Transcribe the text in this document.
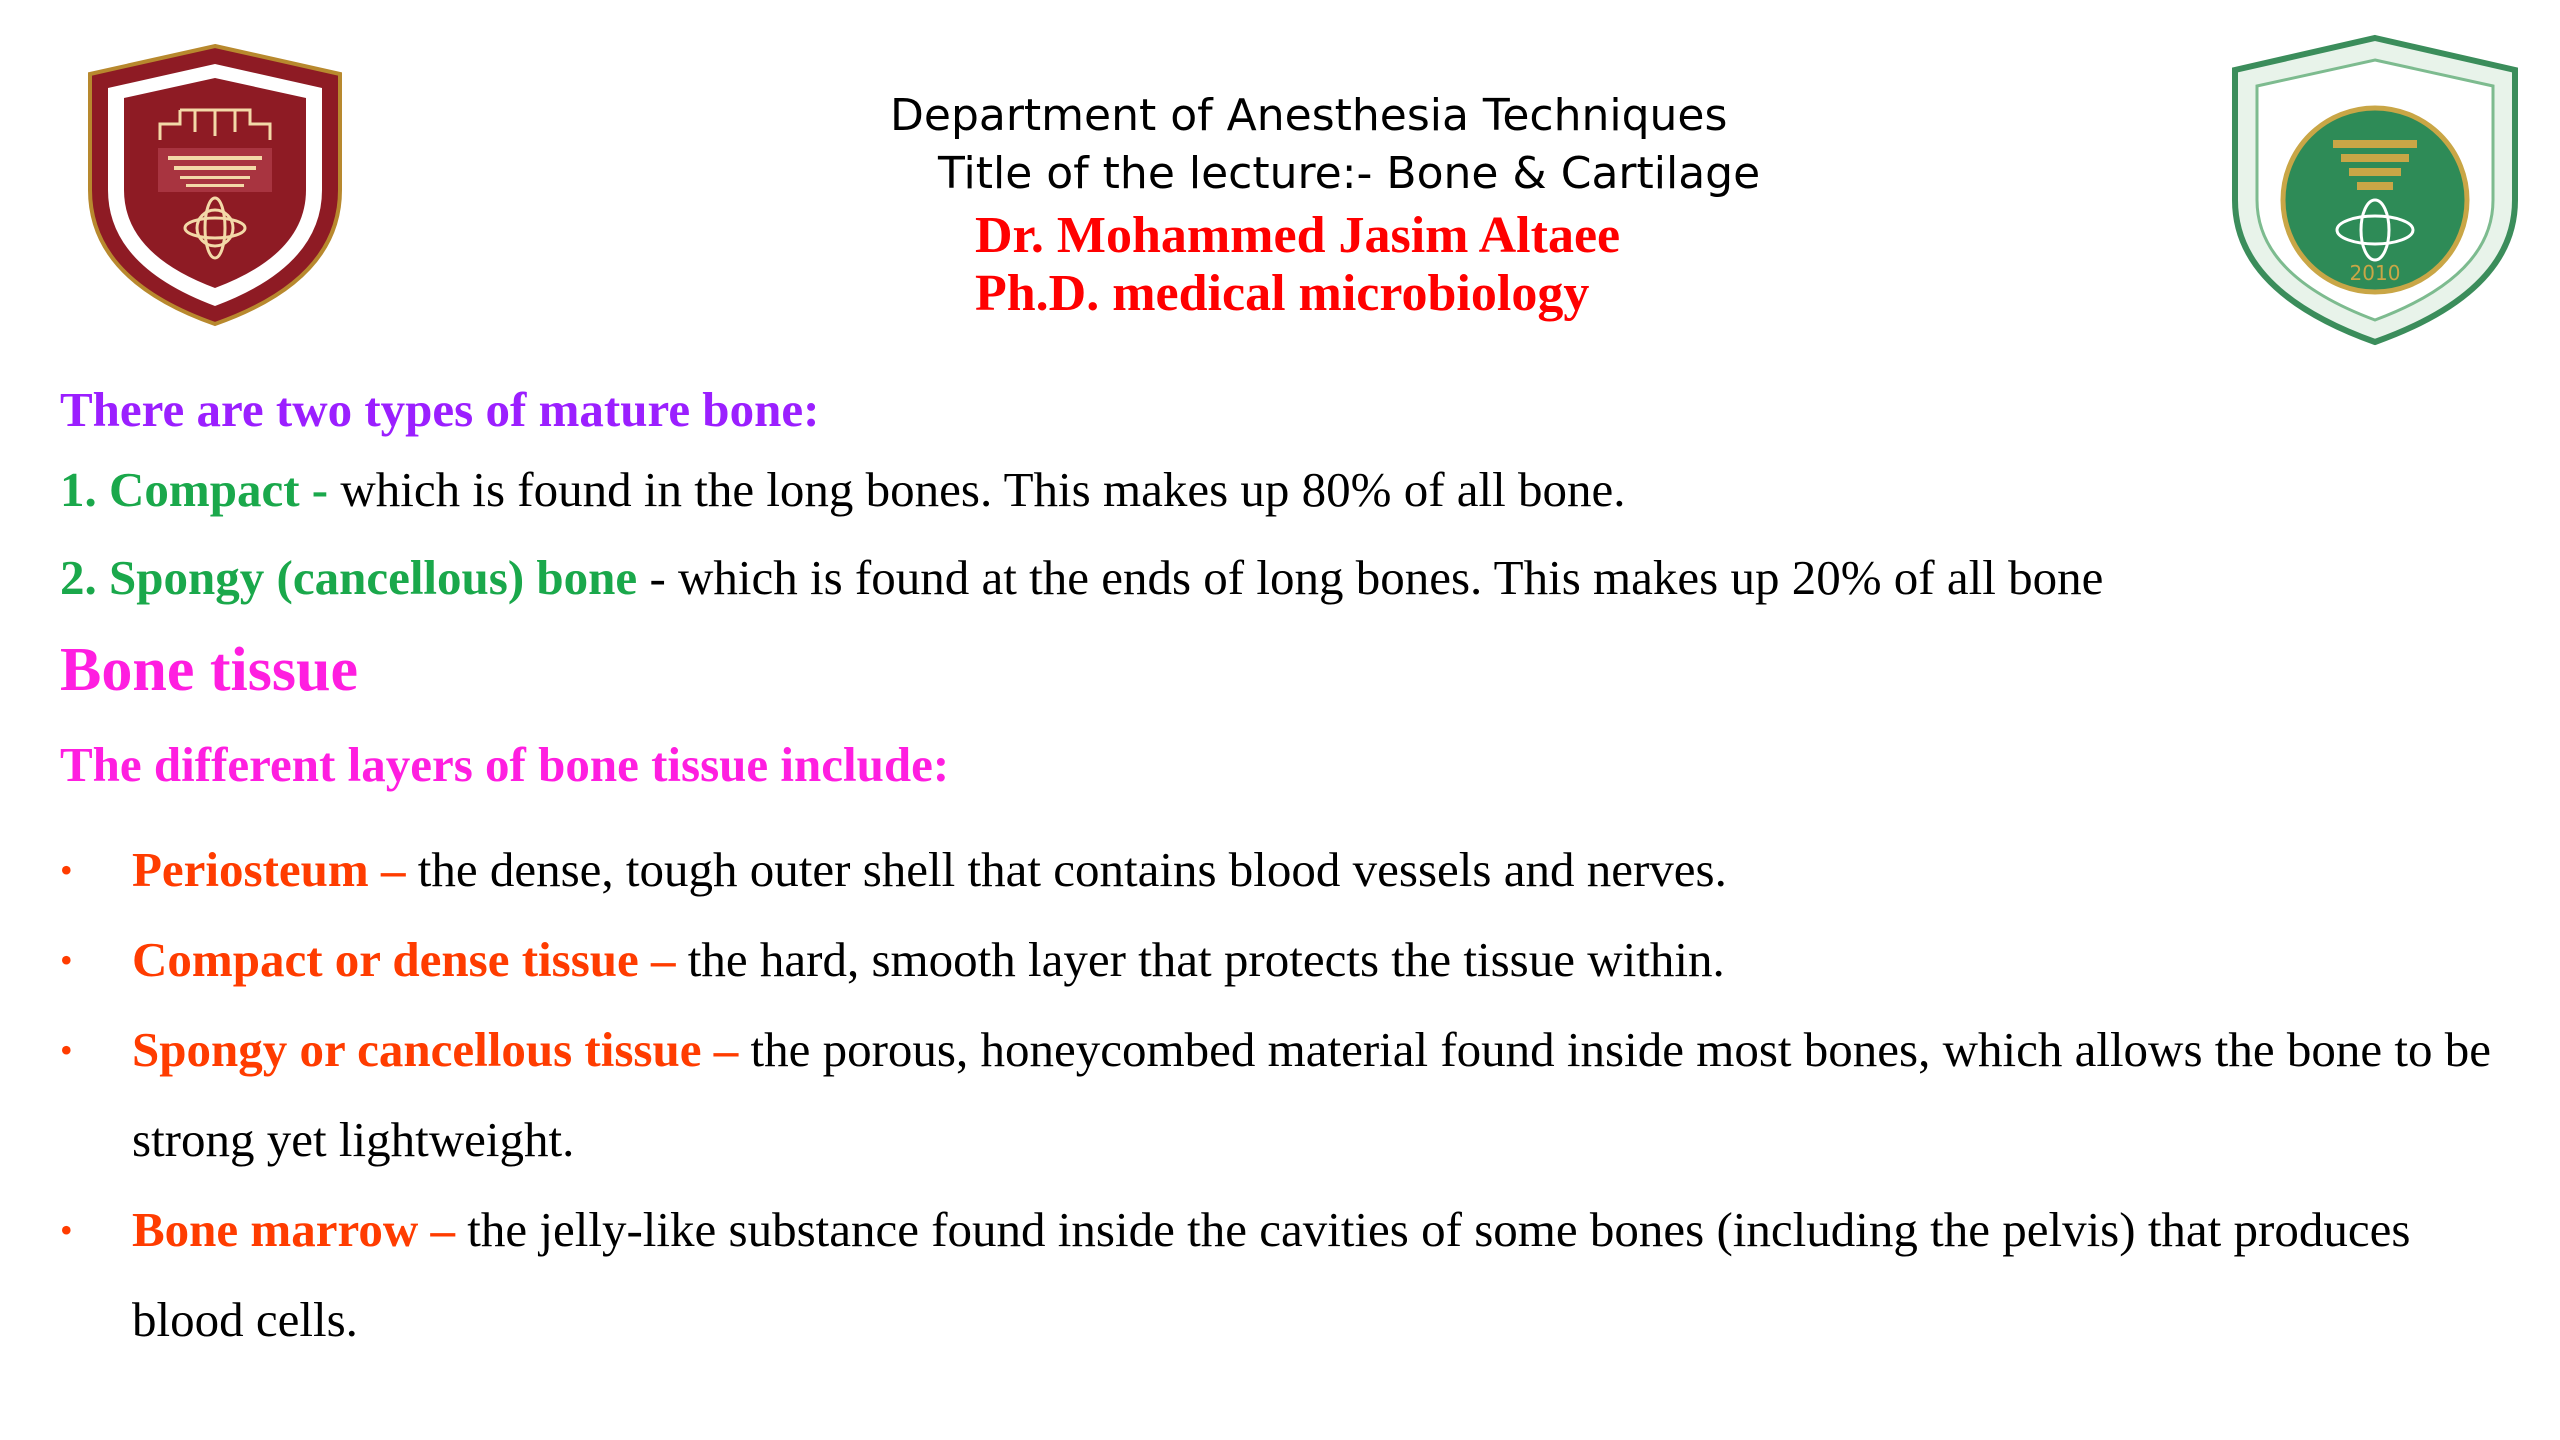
2010
Department of Anesthesia Techniques
Title of the lecture:- Bone & Cartilage
Dr. Mohammed Jasim Altaee
Ph.D. medical microbiology
There are two types of mature bone:
1. Compact - which is found in the long bones. This makes up 80% of all bone.
2. Spongy (cancellous) bone - which is found at the ends of long bones. This makes up 20% of all bone
Bone tissue
The different layers of bone tissue include:
•	Periosteum – the dense, tough outer shell that contains blood vessels and nerves.
•	Compact or dense tissue – the hard, smooth layer that protects the tissue within.
•	Spongy or cancellous tissue – the porous, honeycombed material found inside most bones, which allows the bone to be strong yet lightweight.
•	Bone marrow – the jelly-like substance found inside the cavities of some bones (including the pelvis) that produces blood cells.
